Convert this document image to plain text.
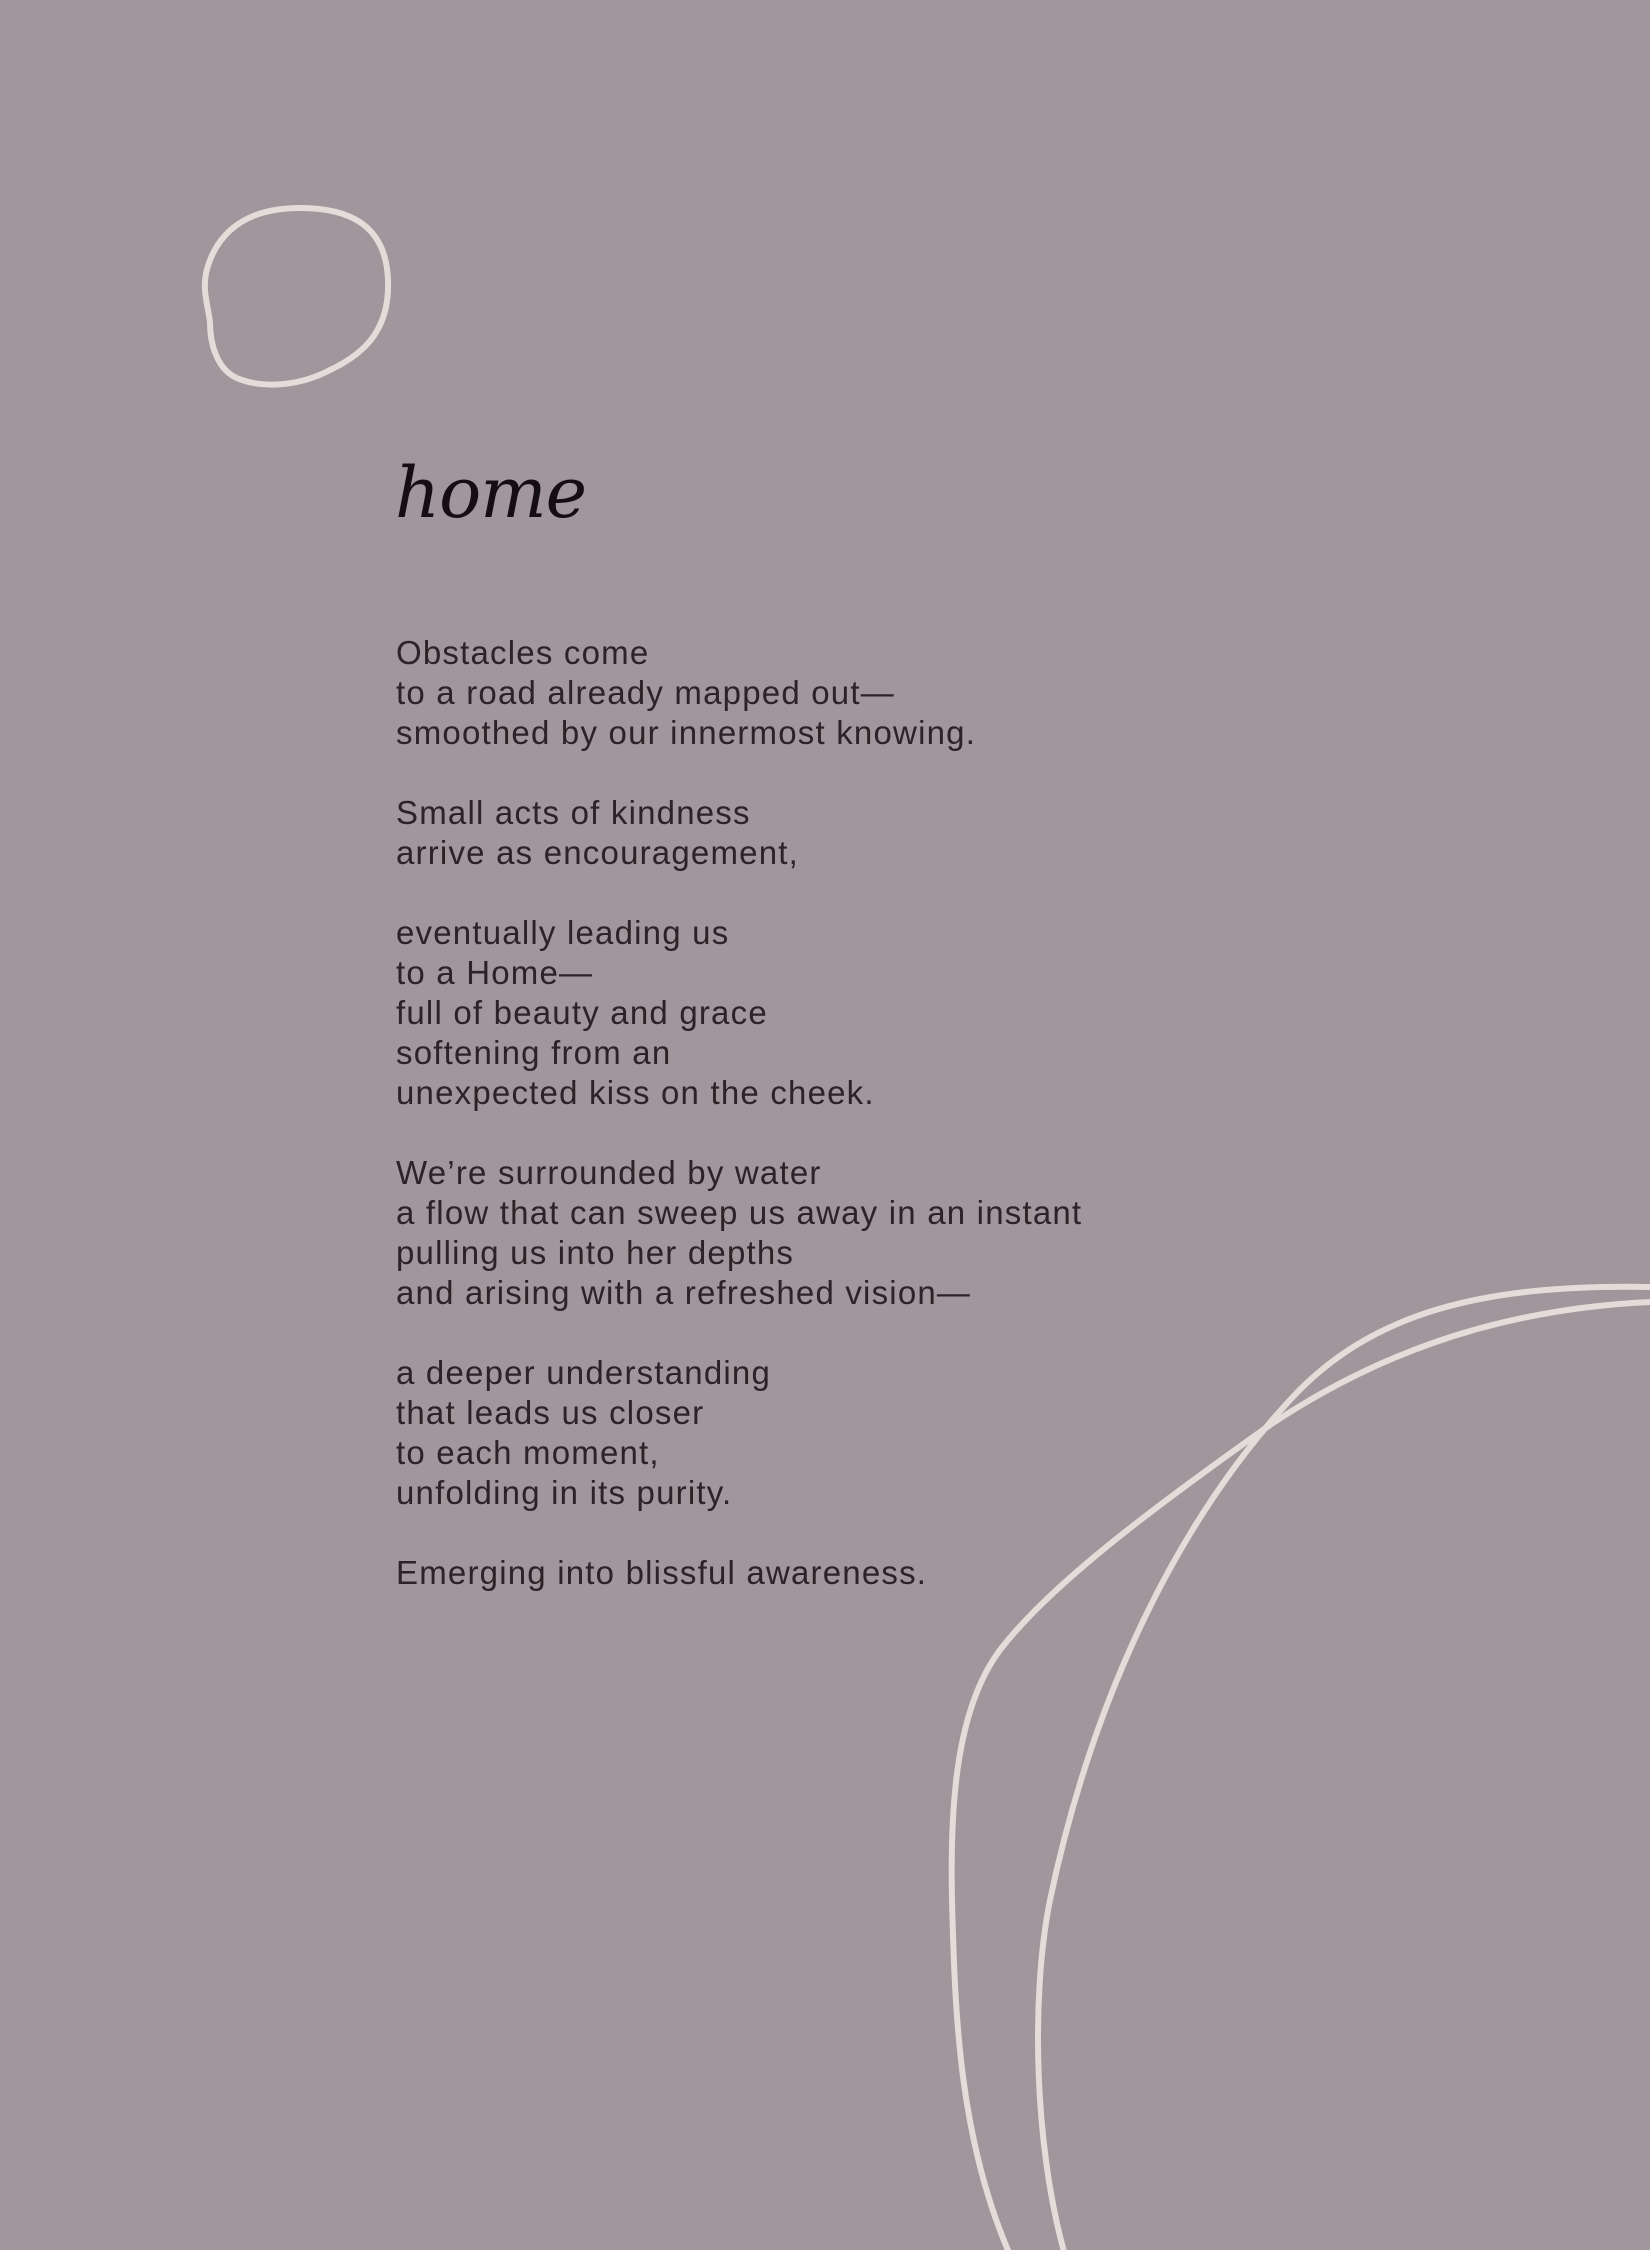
home

Obstacles come
to a road already mapped out—
smoothed by our innermost knowing.

Small acts of kindness
arrive as encouragement,

eventually leading us
to a Home—
full of beauty and grace
softening from an
unexpected kiss on the cheek.

We’re surrounded by water
a flow that can sweep us away in an instant
pulling us into her depths
and arising with a refreshed vision—

a deeper understanding
that leads us closer
to each moment,
unfolding in its purity.

Emerging into blissful awareness.
